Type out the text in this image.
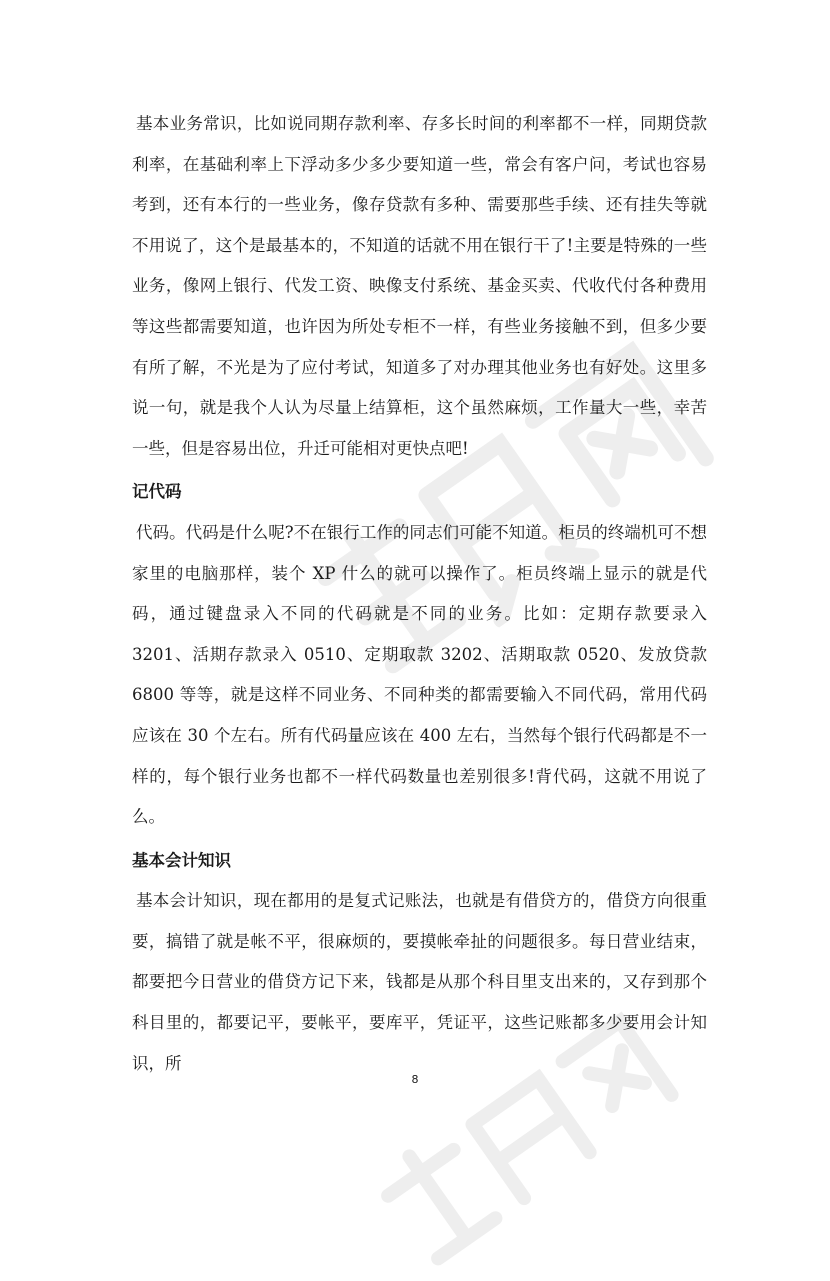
基本业务常识，比如说同期存款利率、存多长时间的利率都不一样，同期贷款利率，在基础利率上下浮动多少多少要知道一些，常会有客户问，考试也容易考到，还有本行的一些业务，像存贷款有多种、需要那些手续、还有挂失等就不用说了，这个是最基本的，不知道的话就不用在银行干了!主要是特殊的一些业务，像网上银行、代发工资、映像支付系统、基金买卖、代收代付各种费用等这些都需要知道，也许因为所处专柜不一样，有些业务接触不到，但多少要有所了解，不光是为了应付考试，知道多了对办理其他业务也有好处。这里多说一句，就是我个人认为尽量上结算柜，这个虽然麻烦，工作量大一些，幸苦一些，但是容易出位，升迁可能相对更快点吧!

记代码

代码。代码是什么呢?不在银行工作的同志们可能不知道。柜员的终端机可不想家里的电脑那样，装个 XP 什么的就可以操作了。柜员终端上显示的就是代码，通过键盘录入不同的代码就是不同的业务。比如：定期存款要录入 3201、活期存款录入 0510、定期取款 3202、活期取款 0520、发放贷款 6800 等等，就是这样不同业务、不同种类的都需要输入不同代码，常用代码应该在 30 个左右。所有代码量应该在 400 左右，当然每个银行代码都是不一样的，每个银行业务也都不一样代码数量也差别很多!背代码，这就不用说了么。

基本会计知识

基本会计知识，现在都用的是复式记账法，也就是有借贷方的，借贷方向很重要，搞错了就是帐不平，很麻烦的，要摸帐牵扯的问题很多。每日营业结束，都要把今日营业的借贷方记下来，钱都是从那个科目里支出来的，又存到那个科目里的，都要记平，要帐平，要库平，凭证平，这些记账都多少要用会计知识，所

8
